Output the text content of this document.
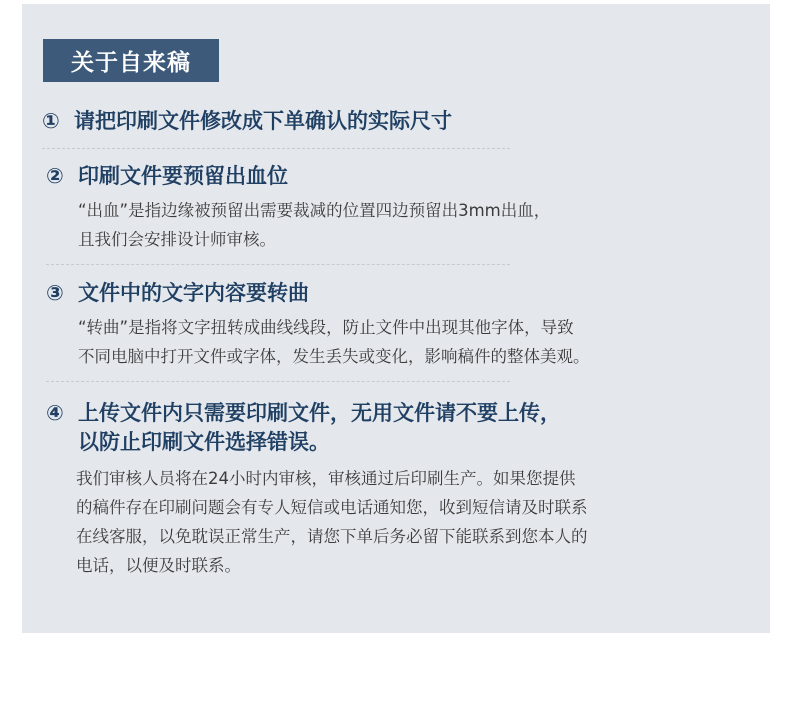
关于自来稿
① 请把印刷文件修改成下单确认的实际尺寸
② 印刷文件要预留出血位
“出血”是指边缘被预留出需要裁减的位置四边预留出3mm出血，
且我们会安排设计师审核。
③ 文件中的文字内容要转曲
“转曲”是指将文字扭转成曲线线段，防止文件中出现其他字体，导致
不同电脑中打开文件或字体，发生丢失或变化，影响稿件的整体美观。
④ 上传文件内只需要印刷文件，无用文件请不要上传，
以防止印刷文件选择错误。
我们审核人员将在24小时内审核，审核通过后印刷生产。如果您提供
的稿件存在印刷问题会有专人短信或电话通知您，收到短信请及时联系
在线客服，以免耽误正常生产，请您下单后务必留下能联系到您本人的
电话，以便及时联系。
